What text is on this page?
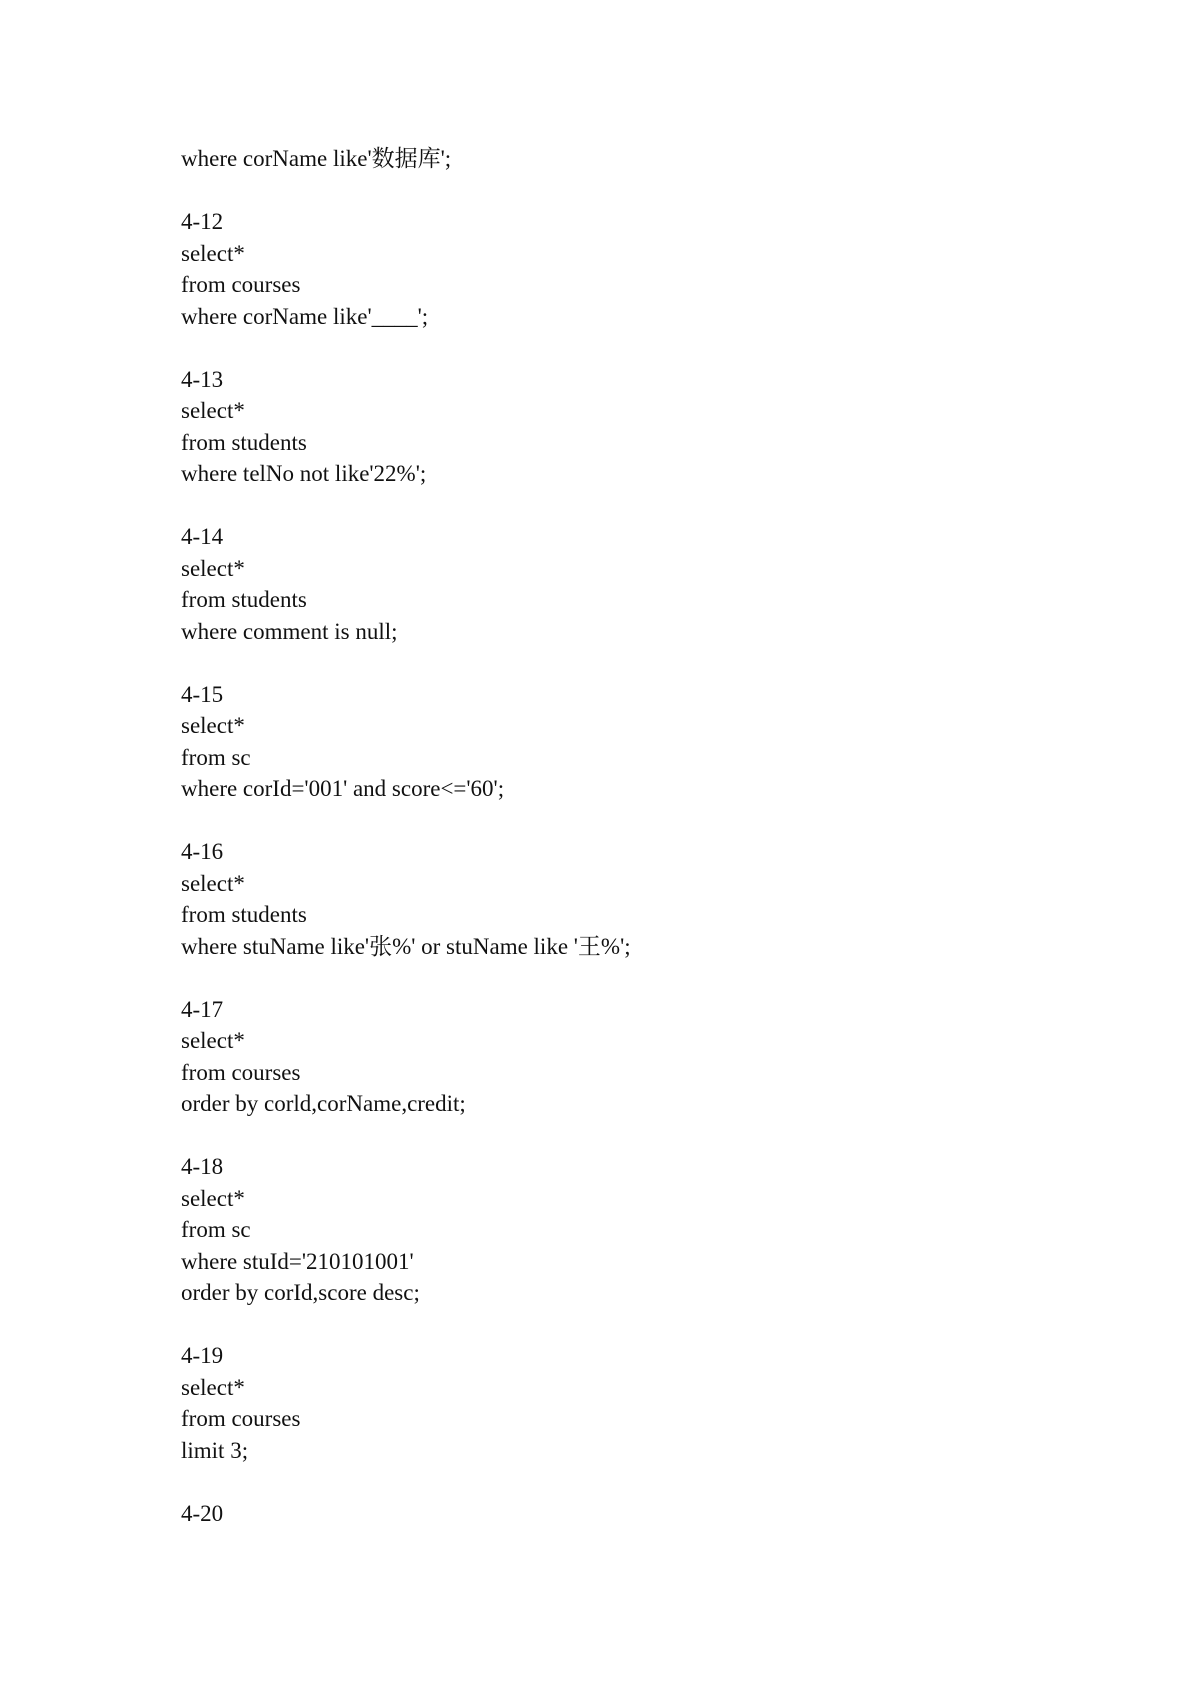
where corName like'数据库';
4-12
select*
from courses
where corName like'____';
4-13
select*
from students
where telNo not like'22%';
4-14
select*
from students
where comment is null;
4-15
select*
from sc
where corId='001' and score<='60';
4-16
select*
from students
where stuName like'张%' or stuName like '王%';
4-17
select*
from courses
order by corld,corName,credit;
4-18
select*
from sc
where stuId='210101001'
order by corId,score desc;
4-19
select*
from courses
limit 3;
4-20
